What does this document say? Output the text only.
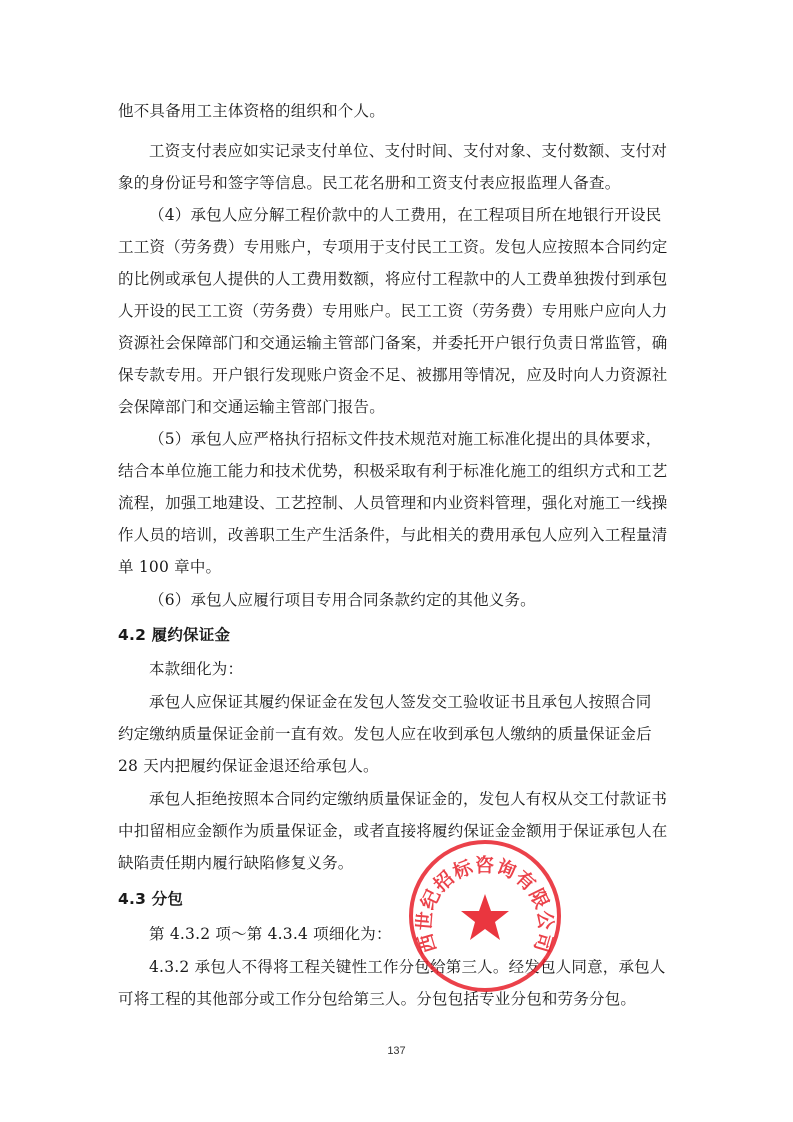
他不具备用工主体资格的组织和个人。
工资支付表应如实记录支付单位、支付时间、支付对象、支付数额、支付对
象的身份证号和签字等信息。民工花名册和工资支付表应报监理人备查。
（4）承包人应分解工程价款中的人工费用，在工程项目所在地银行开设民
工工资（劳务费）专用账户，专项用于支付民工工资。发包人应按照本合同约定
的比例或承包人提供的人工费用数额，将应付工程款中的人工费单独拨付到承包
人开设的民工工资（劳务费）专用账户。民工工资（劳务费）专用账户应向人力
资源社会保障部门和交通运输主管部门备案，并委托开户银行负责日常监管，确
保专款专用。开户银行发现账户资金不足、被挪用等情况，应及时向人力资源社
会保障部门和交通运输主管部门报告。
（5）承包人应严格执行招标文件技术规范对施工标准化提出的具体要求，
结合本单位施工能力和技术优势，积极采取有利于标准化施工的组织方式和工艺
流程，加强工地建设、工艺控制、人员管理和内业资料管理，强化对施工一线操
作人员的培训，改善职工生产生活条件，与此相关的费用承包人应列入工程量清
单 100 章中。
（6）承包人应履行项目专用合同条款约定的其他义务。
4.2 履约保证金
本款细化为：
承包人应保证其履约保证金在发包人签发交工验收证书且承包人按照合同
约定缴纳质量保证金前一直有效。发包人应在收到承包人缴纳的质量保证金后
28 天内把履约保证金退还给承包人。
承包人拒绝按照本合同约定缴纳质量保证金的，发包人有权从交工付款证书
中扣留相应金额作为质量保证金，或者直接将履约保证金金额用于保证承包人在
缺陷责任期内履行缺陷修复义务。
4.3 分包
第 4.3.2 项～第 4.3.4 项细化为：
4.3.2 承包人不得将工程关键性工作分包给第三人。经发包人同意，承包人
可将工程的其他部分或工作分包给第三人。分包包括专业分包和劳务分包。
西世纪招标咨询有限公司
137
